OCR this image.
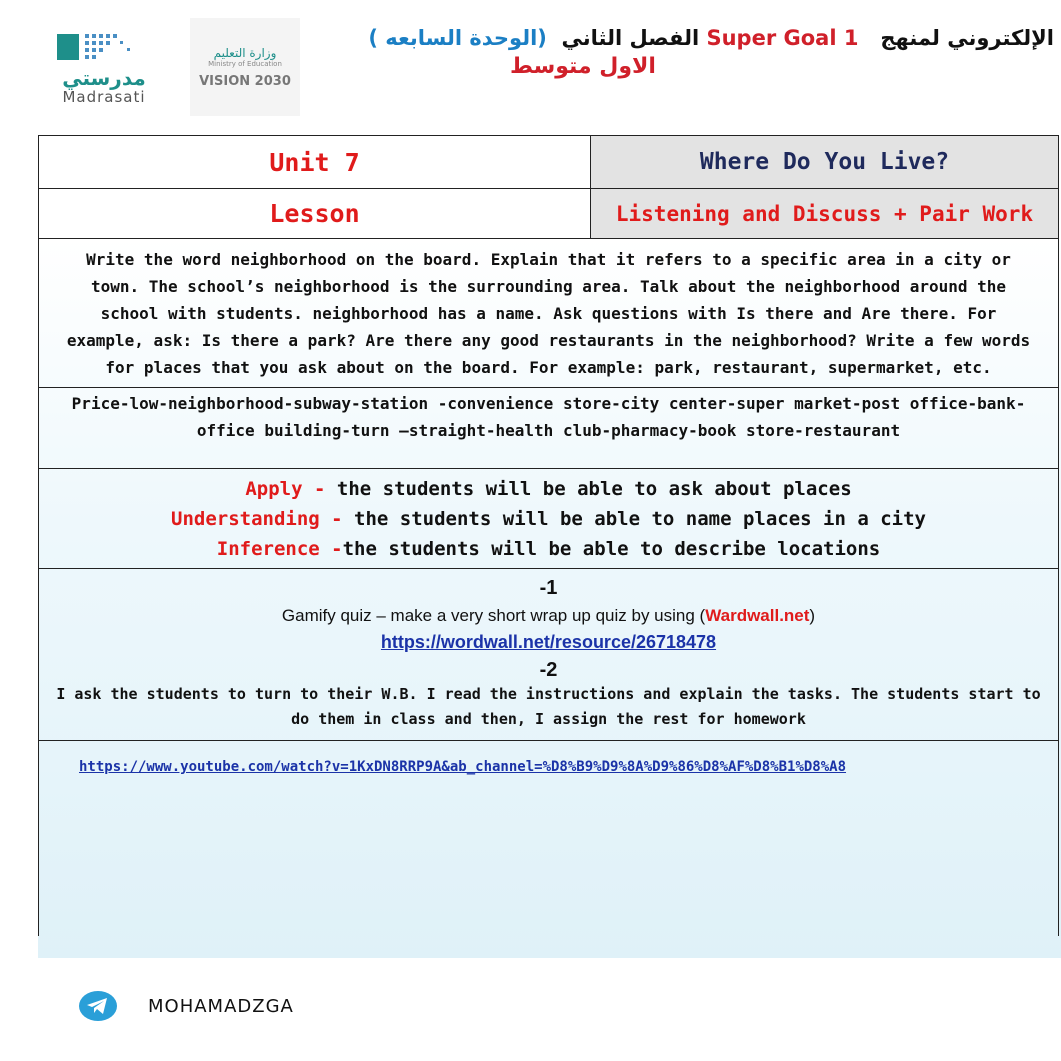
مدرستي
Madrasati
وزارة التعليم
Ministry of Education
VISION 2030
الإلكتروني لمنهج   Super Goal 1 الفصل الثاني  (الوحدة السابعه )
الاول متوسط
Unit 7	Where Do You Live?
Lesson	Listening and Discuss + Pair Work
Write the word neighborhood on the board. Explain that it refers to a specific area in a city or town. The school’s neighborhood is the surrounding area. Talk about the neighborhood around the school with students. neighborhood has a name. Ask questions with Is there and Are there. For example, ask: Is there a park? Are there any good restaurants in the neighborhood? Write a few words for places that you ask about on the board. For example: park, restaurant, supermarket, etc.	
Price-low-neighborhood-subway-station -convenience store-city center-super market-post office-bank-office building-turn –straight-health club-pharmacy-book store-restaurant	

Apply - the students will be able to ask about places
Understanding - the students will be able to name places in a city
Inference -the students will be able to describe locations	

-1
Gamify quiz – make a very short wrap up quiz by using (Wardwall.net)
https://wordwall.net/resource/26718478
-2
I ask the students to turn to their W.B. I read the instructions and explain the tasks. The students start to do them in class and then, I assign the rest for homework	

https://www.youtube.com/watch?v=1KxDN8RRP9A&ab_channel=%D8%B9%D9%8A%D9%86%D8%AF%D8%B1%D8%A8	
MOHAMADZGA
